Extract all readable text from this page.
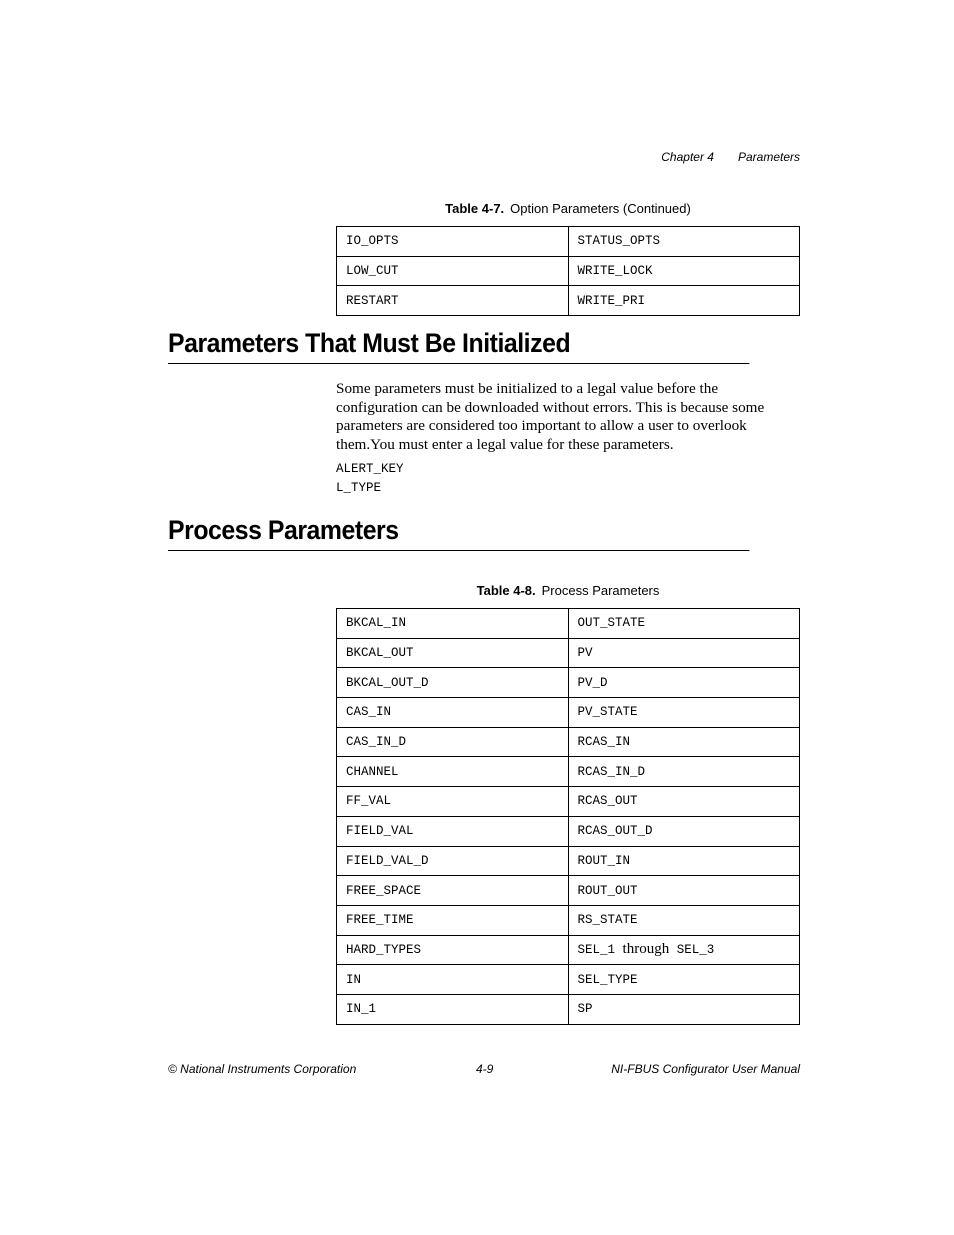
Chapter 4 Parameters
Table 4-7. Option Parameters (Continued)
IO_OPTS	STATUS_OPTS
LOW_CUT	WRITE_LOCK
RESTART	WRITE_PRI
Parameters That Must Be Initialized

Some parameters must be initialized to a legal value before the configuration can be downloaded without errors. This is because some parameters are considered too important to allow a user to overlook them.You must enter a legal value for these parameters.

ALERT_KEY
L_TYPE
Process Parameters
Table 4-8. Process Parameters
BKCAL_IN	OUT_STATE
BKCAL_OUT	PV
BKCAL_OUT_D	PV_D
CAS_IN	PV_STATE
CAS_IN_D	RCAS_IN
CHANNEL	RCAS_IN_D
FF_VAL	RCAS_OUT
FIELD_VAL	RCAS_OUT_D
FIELD_VAL_D	ROUT_IN
FREE_SPACE	ROUT_OUT
FREE_TIME	RS_STATE
HARD_TYPES	SEL_1 through SEL_3
IN	SEL_TYPE
IN_1	SP
© National Instruments Corporation	4-9	NI-FBUS Configurator User Manual
